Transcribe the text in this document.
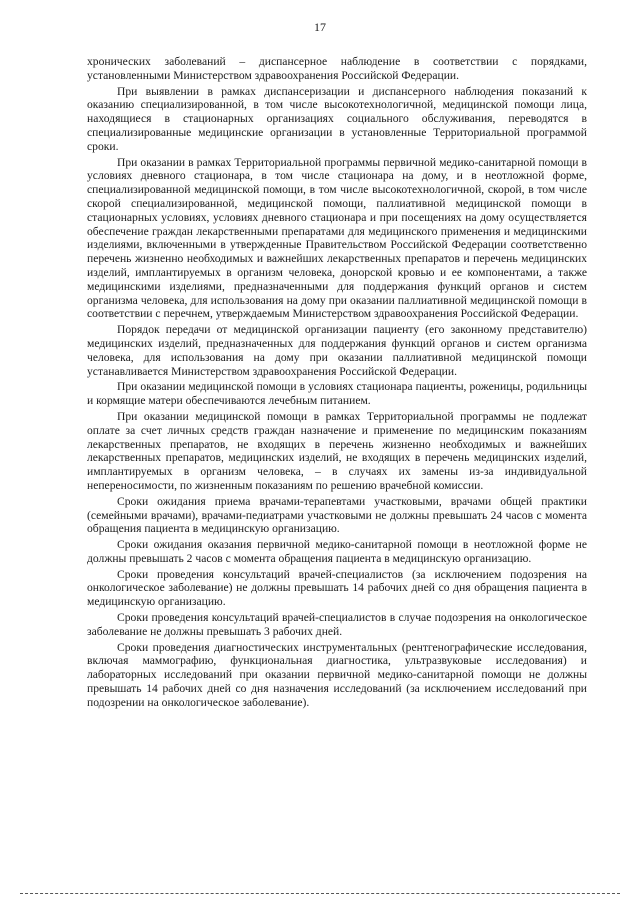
17

хронических заболеваний – диспансерное наблюдение в соответствии с порядками, установленными Министерством здравоохранения Российской Федерации.

При выявлении в рамках диспансеризации и диспансерного наблюдения показаний к оказанию специализированной, в том числе высокотехнологичной, медицинской помощи лица, находящиеся в стационарных организациях социального обслуживания, переводятся в специализированные медицинские организации в установленные Территориальной программой сроки.

При оказании в рамках Территориальной программы первичной медико-санитарной помощи в условиях дневного стационара, в том числе стационара на дому, и в неотложной форме, специализированной медицинской помощи, в том числе высокотехнологичной, скорой, в том числе скорой специализированной, медицинской помощи, паллиативной медицинской помощи в стационарных условиях, условиях дневного стационара и при посещениях на дому осуществляется обеспечение граждан лекарственными препаратами для медицинского применения и медицинскими изделиями, включенными в утвержденные Правительством Российской Федерации соответственно перечень жизненно необходимых и важнейших лекарственных препаратов и перечень медицинских изделий, имплантируемых в организм человека, донорской кровью и ее компонентами, а также медицинскими изделиями, предназначенными для поддержания функций органов и систем организма человека, для использования на дому при оказании паллиативной медицинской помощи в соответствии с перечнем, утверждаемым Министерством здравоохранения Российской Федерации.

Порядок передачи от медицинской организации пациенту (его законному представителю) медицинских изделий, предназначенных для поддержания функций органов и систем организма человека, для использования на дому при оказании паллиативной медицинской помощи устанавливается Министерством здравоохранения Российской Федерации.

При оказании медицинской помощи в условиях стационара пациенты, роженицы, родильницы и кормящие матери обеспечиваются лечебным питанием.

При оказании медицинской помощи в рамках Территориальной программы не подлежат оплате за счет личных средств граждан назначение и применение по медицинским показаниям лекарственных препаратов, не входящих в перечень жизненно необходимых и важнейших лекарственных препаратов, медицинских изделий, не входящих в перечень медицинских изделий, имплантируемых в организм человека, – в случаях их замены из-за индивидуальной непереносимости, по жизненным показаниям по решению врачебной комиссии.

Сроки ожидания приема врачами-терапевтами участковыми, врачами общей практики (семейными врачами), врачами-педиатрами участковыми не должны превышать 24 часов с момента обращения пациента в медицинскую организацию.

Сроки ожидания оказания первичной медико-санитарной помощи в неотложной форме не должны превышать 2 часов с момента обращения пациента в медицинскую организацию.

Сроки проведения консультаций врачей-специалистов (за исключением подозрения на онкологическое заболевание) не должны превышать 14 рабочих дней со дня обращения пациента в медицинскую организацию.

Сроки проведения консультаций врачей-специалистов в случае подозрения на онкологическое заболевание не должны превышать 3 рабочих дней.

Сроки проведения диагностических инструментальных (рентгенографические исследования, включая маммографию, функциональная диагностика, ультразвуковые исследования) и лабораторных исследований при оказании первичной медико-санитарной помощи не должны превышать 14 рабочих дней со дня назначения исследований (за исключением исследований при подозрении на онкологическое заболевание).
